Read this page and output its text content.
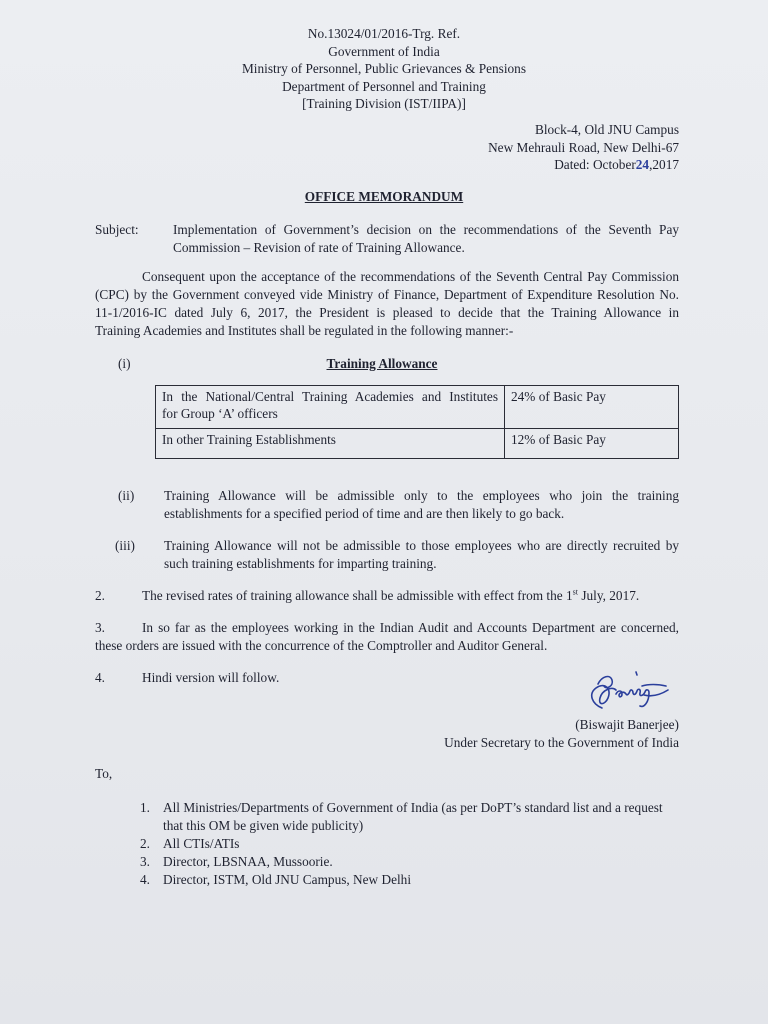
No.13024/01/2016-Trg. Ref.
Government of India
Ministry of Personnel, Public Grievances & Pensions
Department of Personnel and Training
[Training Division (IST/IIPA)]
Block-4, Old JNU Campus
New Mehrauli Road, New Delhi-67
Dated: October24,2017
OFFICE MEMORANDUM
Subject:	Implementation of Government’s decision on the recommendations of the Seventh Pay
Commission – Revision of rate of Training Allowance.
Consequent upon the acceptance of the recommendations of the Seventh Central Pay Commission
(CPC) by the Government conveyed vide Ministry of Finance, Department of Expenditure Resolution No.
11-1/2016-IC dated July 6, 2017, the President is pleased to decide that the Training Allowance in
Training Academies and Institutes shall be regulated in the following manner:-
(i)	Training Allowance
In the National/Central Training Academies and Institutes
for Group ‘A’ officers	24% of Basic Pay
In other Training Establishments	12% of Basic Pay
(ii) Training Allowance will be admissible only to the employees who join the training
establishments for a specified period of time and are then likely to go back.
(iii) Training Allowance will not be admissible to those employees who are directly recruited by
such training establishments for imparting training.
2.	The revised rates of training allowance shall be admissible with effect from the 1st July, 2017.
3.	In so far as the employees working in the Indian Audit and Accounts Department are concerned,
these orders are issued with the concurrence of the Comptroller and Auditor General.
4.	Hindi version will follow.
(Biswajit Banerjee)
Under Secretary to the Government of India
To,
1. All Ministries/Departments of Government of India (as per DoPT’s standard list and a request
that this OM be given wide publicity)
2. All CTIs/ATIs
3. Director, LBSNAA, Mussoorie.
4. Director, ISTM, Old JNU Campus, New Delhi
